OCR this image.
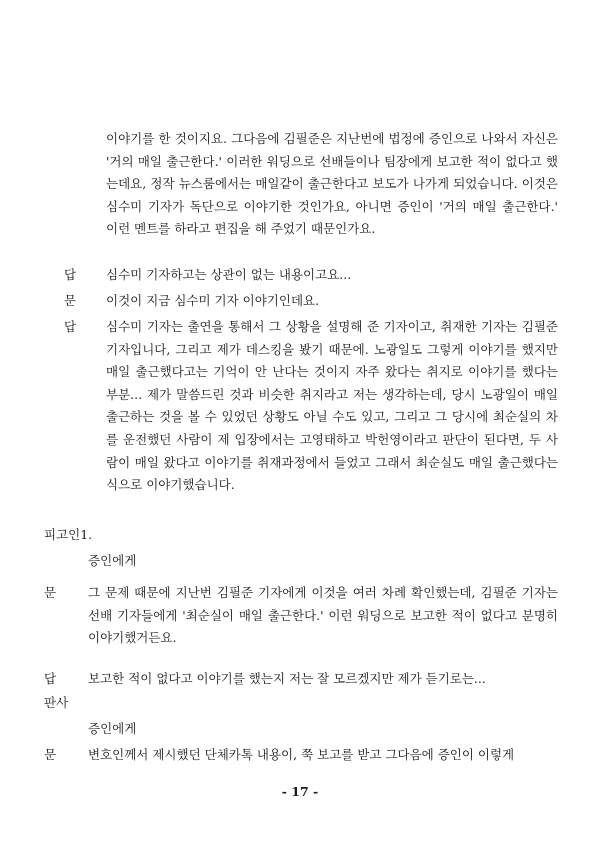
이야기를 한 것이지요. 그다음에 김필준은 지난번에 법정에 증인으로 나와서 자신은 '거의 매일 출근한다.' 이러한 워딩으로 선배들이나 팀장에게 보고한 적이 없다고 했는데요, 정작 뉴스룸에서는 매일같이 출근한다고 보도가 나가게 되었습니다. 이것은 심수미 기자가 독단으로 이야기한 것인가요, 아니면 증인이 '거의 매일 출근한다.' 이런 멘트를 하라고 편집을 해 주었기 때문인가요.
답 심수미 기자하고는 상관이 없는 내용이고요...
문 이것이 지금 심수미 기자 이야기인데요.
답 심수미 기자는 출연을 통해서 그 상황을 설명해 준 기자이고, 취재한 기자는 김필준 기자입니다, 그리고 제가 데스킹을 봤기 때문에. 노광일도 그렇게 이야기를 했지만 매일 출근했다고는 기억이 안 난다는 것이지 자주 왔다는 취지로 이야기를 했다는 부분... 제가 말씀드린 것과 비슷한 취지라고 저는 생각하는데, 당시 노광일이 매일 출근하는 것을 볼 수 있었던 상황도 아닐 수도 있고, 그리고 그 당시에 최순실의 차를 운전했던 사람이 제 입장에서는 고영태하고 박헌영이라고 판단이 된다면, 두 사람이 매일 왔다고 이야기를 취재과정에서 들었고 그래서 최순실도 매일 출근했다는 식으로 이야기했습니다.
피고인1.
증인에게
문	그 문제 때문에 지난번 김필준 기자에게 이것을 여러 차례 확인했는데, 김필준 기자는 선배 기자들에게 '최순실이 매일 출근한다.' 이런 워딩으로 보고한 적이 없다고 분명히 이야기했거든요.
답	보고한 적이 없다고 이야기를 했는지 저는 잘 모르겠지만 제가 듣기로는...
판사
증인에게
문	변호인께서 제시했던 단체카톡 내용이, 쭉 보고를 받고 그다음에 증인이 이렇게
- 17 -
